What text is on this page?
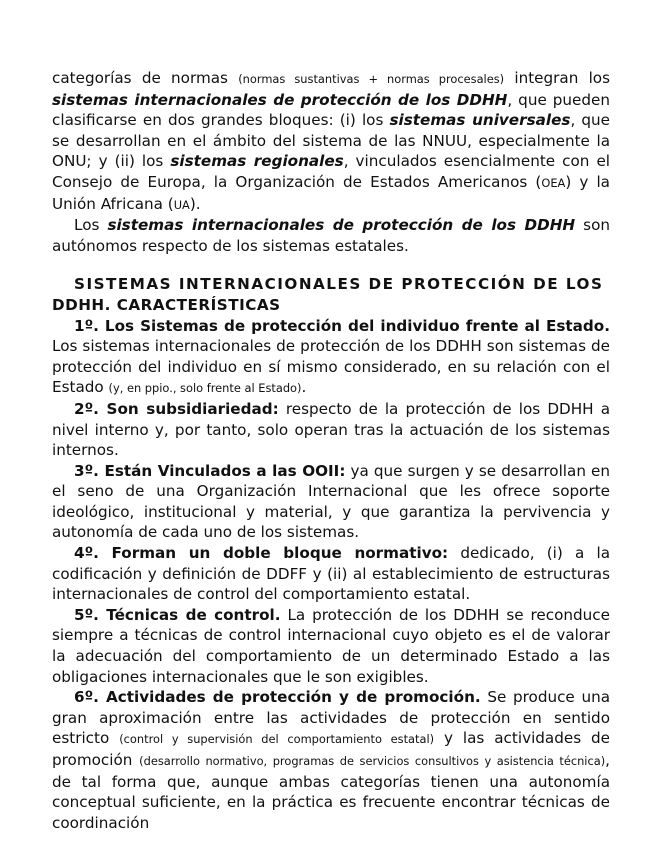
categorías de normas (normas sustantivas + normas procesales) integran los sistemas internacionales de protección de los DDHH, que pueden clasificarse en dos grandes bloques: (i) los sistemas universales, que se desarrollan en el ámbito del sistema de las NNUU, especialmente la ONU; y (ii) los sistemas regionales, vinculados esencialmente con el Consejo de Europa, la Organización de Estados Americanos (OEA) y la Unión Africana (UA).

Los sistemas internacionales de protección de los DDHH son autónomos respecto de los sistemas estatales.

SISTEMAS INTERNACIONALES DE PROTECCIÓN DE LOS
DDHH. CARACTERÍSTICAS

1º. Los Sistemas de protección del individuo frente al Estado. Los sistemas internacionales de protección de los DDHH son sistemas de protección del individuo en sí mismo considerado, en su relación con el Estado (y, en ppio., solo frente al Estado).

2º. Son subsidiariedad: respecto de la protección de los DDHH a nivel interno y, por tanto, solo operan tras la actuación de los sistemas internos.

3º. Están Vinculados a las OOII: ya que surgen y se desarrollan en el seno de una Organización Internacional que les ofrece soporte ideológico, institucional y material, y que garantiza la pervivencia y autonomía de cada uno de los sistemas.

4º. Forman un doble bloque normativo: dedicado, (i) a la codificación y definición de DDFF y (ii) al establecimiento de estructuras internacionales de control del comportamiento estatal.

5º. Técnicas de control. La protección de los DDHH se reconduce siempre a técnicas de control internacional cuyo objeto es el de valorar la adecuación del comportamiento de un determinado Estado a las obligaciones internacionales que le son exigibles.

6º. Actividades de protección y de promoción. Se produce una gran aproximación entre las actividades de protección en sentido estricto (control y supervisión del comportamiento estatal) y las actividades de promoción (desarrollo normativo, programas de servicios consultivos y asistencia técnica), de tal forma que, aunque ambas categorías tienen una autonomía conceptual suficiente, en la práctica es frecuente encontrar técnicas de coordinación
